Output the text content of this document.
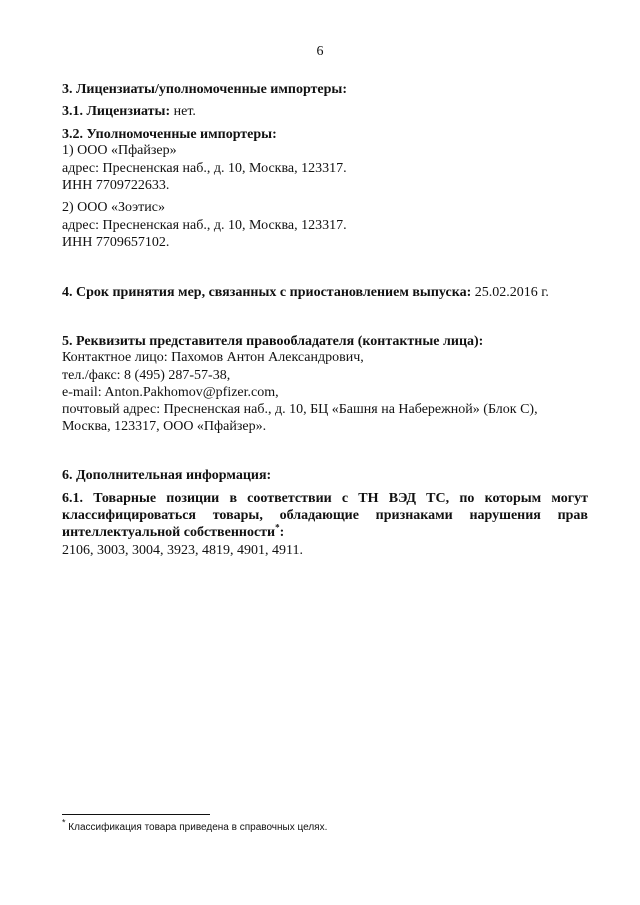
6
3. Лицензиаты/уполномоченные импортеры:
3.1. Лицензиаты: нет.
3.2. Уполномоченные импортеры:
1) ООО «Пфайзер»
адрес: Пресненская наб., д. 10, Москва, 123317.
ИНН 7709722633.
2) ООО «Зоэтис»
адрес: Пресненская наб., д. 10, Москва, 123317.
ИНН 7709657102.
4. Срок принятия мер, связанных с приостановлением выпуска: 25.02.2016 г.
5. Реквизиты представителя правообладателя (контактные лица):
Контактное лицо: Пахомов Антон Александрович,
тел./факс: 8 (495) 287-57-38,
e-mail: Anton.Pakhomov@pfizer.com,
почтовый адрес: Пресненская наб., д. 10, БЦ «Башня на Набережной» (Блок С),
Москва, 123317, ООО «Пфайзер».
6. Дополнительная информация:
6.1. Товарные позиции в соответствии с ТН ВЭД ТС, по которым могут
классифицироваться товары, обладающие признаками нарушения прав
интеллектуальной собственности*:
2106, 3003, 3004, 3923, 4819, 4901, 4911.
* Классификация товара приведена в справочных целях.
